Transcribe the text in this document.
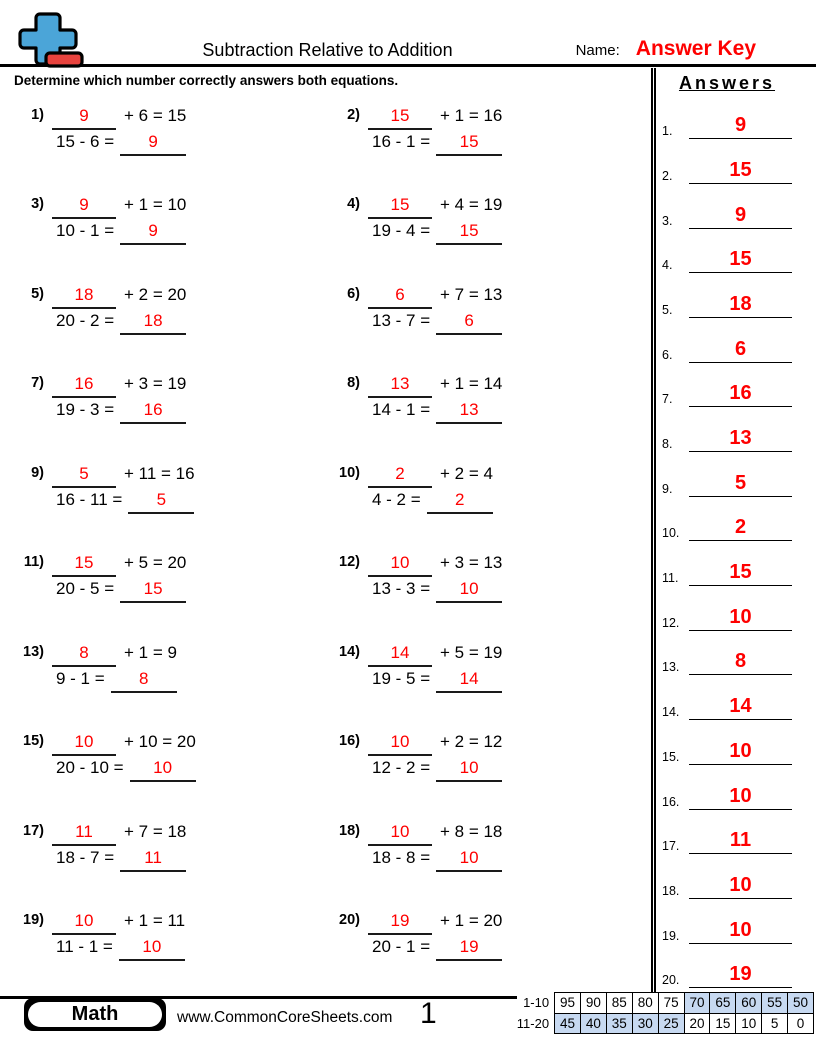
Subtraction Relative to Addition	Name: Answer Key
Determine which number correctly answers both equations.
1)	9 + 6 = 15
15 - 6 = 9
2)	15 + 1 = 16
16 - 1 = 15
3)	9 + 1 = 10
10 - 1 = 9
4)	15 + 4 = 19
19 - 4 = 15
5)	18 + 2 = 20
20 - 2 = 18
6)	6 + 7 = 13
13 - 7 = 6
7)	16 + 3 = 19
19 - 3 = 16
8)	13 + 1 = 14
14 - 1 = 13
9)	5 + 11 = 16
16 - 11 = 5
10)	2 + 2 = 4
4 - 2 = 2
11)	15 + 5 = 20
20 - 5 = 15
12)	10 + 3 = 13
13 - 3 = 10
13)	8 + 1 = 9
9 - 1 = 8
14)	14 + 5 = 19
19 - 5 = 14
15)	10 + 10 = 20
20 - 10 = 10
16)	10 + 2 = 12
12 - 2 = 10
17)	11 + 7 = 18
18 - 7 = 11
18)	10 + 8 = 18
18 - 8 = 10
19)	10 + 1 = 11
11 - 1 = 10
20)	19 + 1 = 20
20 - 1 = 19
Answers
1.	9
2.	15
3.	9
4.	15
5.	18
6.	6
7.	16
8.	13
9.	5
10.	2
11.	15
12.	10
13.	8
14.	14
15.	10
16.	10
17.	11
18.	10
19.	10
20.	19
Math	www.CommonCoreSheets.com 1	1-10	95	90	85	80	75	70	65	60	55	50
11-20	45	40	35	30	25	20	15	10	5	0
